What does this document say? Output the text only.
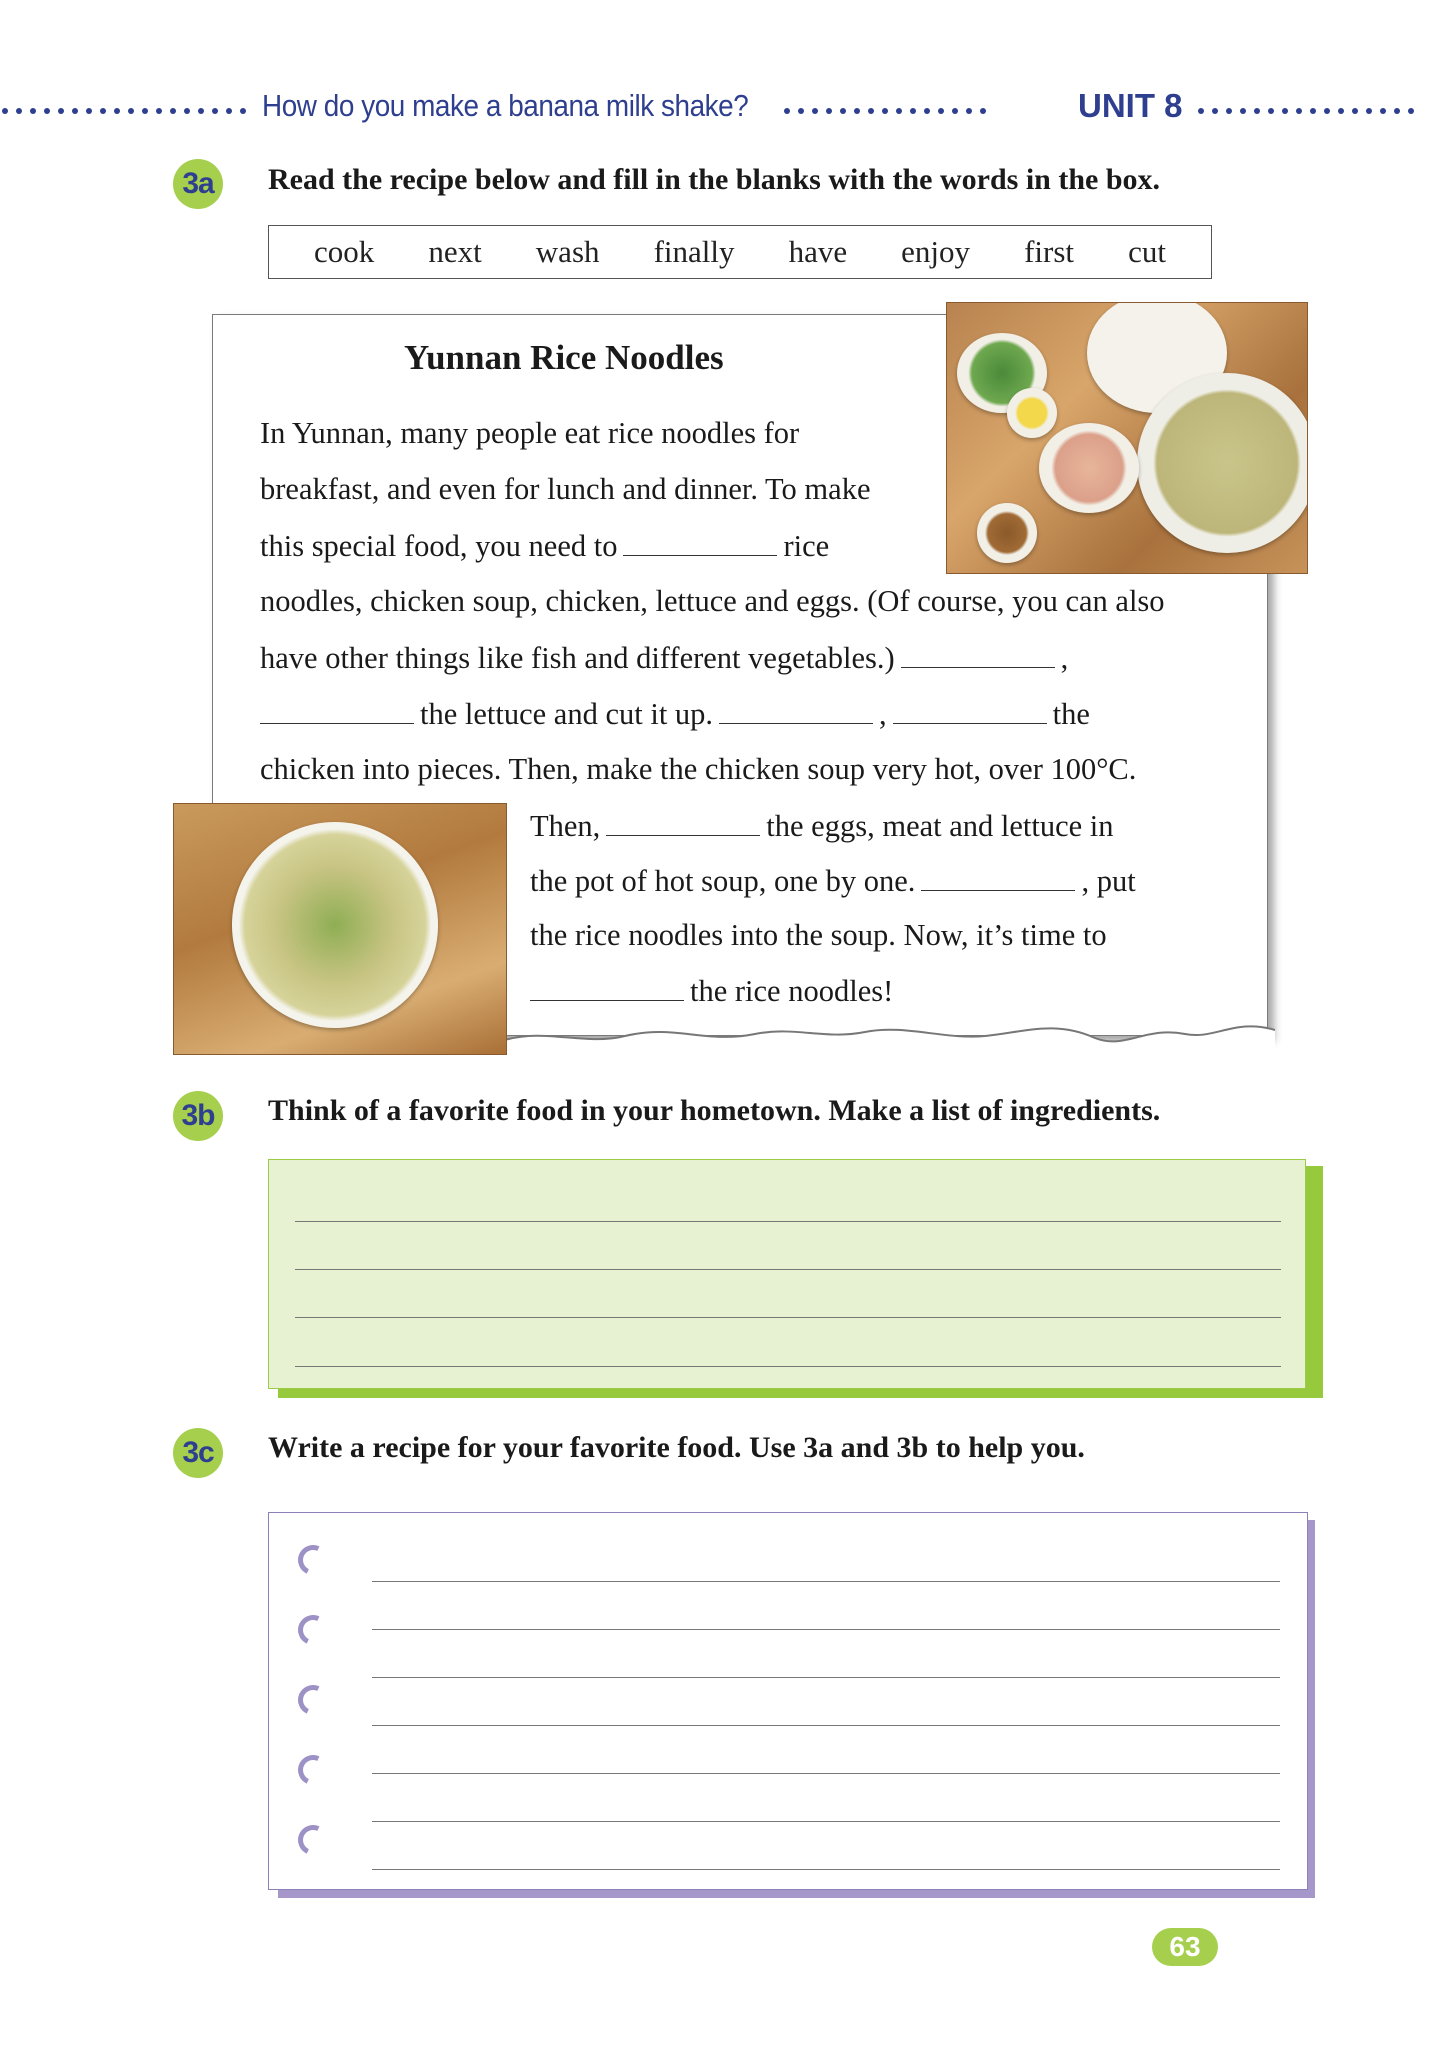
How do you make a banana milk shake?	UNIT 8
3a	Read the recipe below and fill in the blanks with the words in the box.
cook next wash finally have enjoy first cut
Yunnan Rice Noodles
In Yunnan, many people eat rice noodles for
breakfast, and even for lunch and dinner. To make
this special food, you need to	rice
noodles, chicken soup, chicken, lettuce and eggs. (Of course, you can also
have other things like fish and different vegetables.)	,
the lettuce and cut it up.	,	the
chicken into pieces. Then, make the chicken soup very hot, over 100°C.
Then,	the eggs, meat and lettuce in
the pot of hot soup, one by one.	, put
the rice noodles into the soup. Now, it’s time to
the rice noodles!
3b Think of a favorite food in your hometown. Make a list of ingredients.
3c	Write a recipe for your favorite food. Use 3a and 3b to help you.
63
